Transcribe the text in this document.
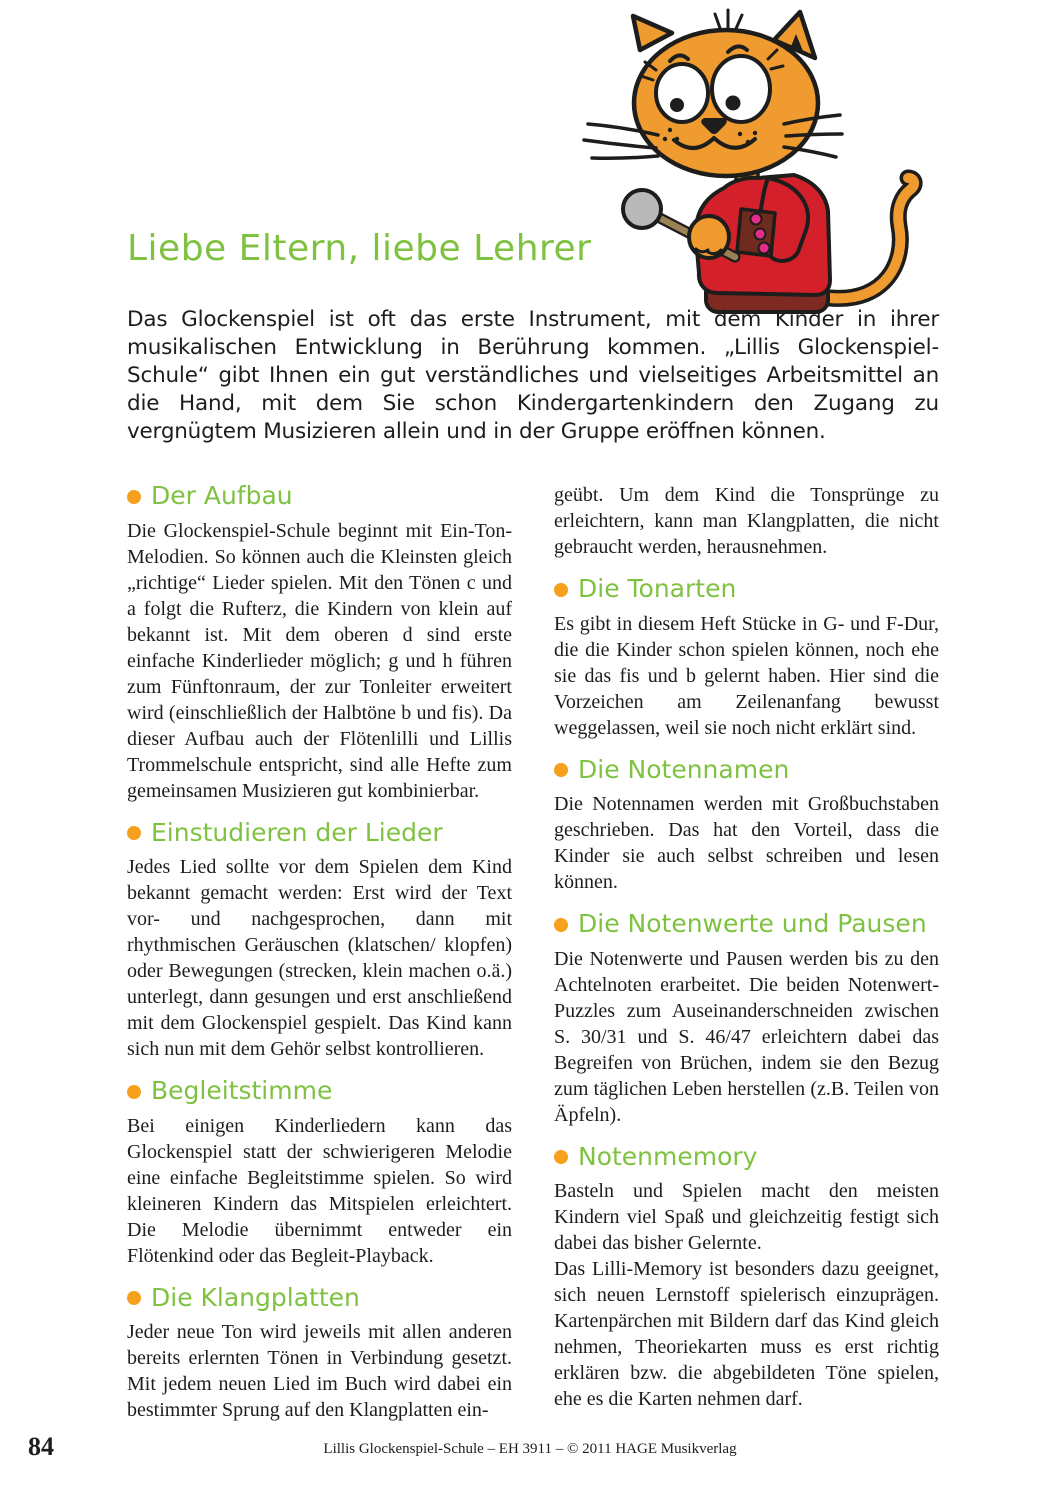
Liebe Eltern, liebe Lehrer
Das Glockenspiel ist oft das erste Instrument, mit dem Kinder in ihrer musikalischen Entwicklung in Berührung kommen. „Lillis Glockenspiel-Schule“ gibt Ihnen ein gut verständliches und vielseitiges Arbeitsmittel an die Hand, mit dem Sie schon Kindergartenkindern den Zugang zu vergnügtem Musizieren allein und in der Gruppe eröffnen können.
Der Aufbau

Die Glockenspiel-Schule beginnt mit Ein-Ton-Melodien. So können auch die Kleinsten gleich „richtige“ Lieder spielen. Mit den Tönen c und a folgt die Rufterz, die Kindern von klein auf bekannt ist. Mit dem oberen d sind erste einfache Kinderlieder möglich; g und h führen zum Fünftonraum, der zur Tonleiter erweitert wird (einschließlich der Halbtöne b und fis). Da dieser Aufbau auch der Flötenlilli und Lillis Trommelschule entspricht, sind alle Hefte zum gemeinsamen Musizieren gut kombinierbar.

Einstudieren der Lieder

Jedes Lied sollte vor dem Spielen dem Kind bekannt gemacht werden: Erst wird der Text vor- und nachgesprochen, dann mit rhythmischen Geräuschen (klatschen/ klopfen) oder Bewegungen (strecken, klein machen o.ä.) unterlegt, dann gesungen und erst anschließend mit dem Glockenspiel gespielt. Das Kind kann sich nun mit dem Gehör selbst kontrollieren.

Begleitstimme

Bei einigen Kinderliedern kann das Glockenspiel statt der schwierigeren Melodie eine einfache Begleitstimme spielen. So wird kleineren Kindern das Mitspielen erleichtert. Die Melodie übernimmt entweder ein Flötenkind oder das Begleit-Playback.

Die Klangplatten

Jeder neue Ton wird jeweils mit allen anderen bereits erlernten Tönen in Verbindung gesetzt. Mit jedem neuen Lied im Buch wird dabei ein bestimmter Sprung auf den Klangplatten ein-

geübt. Um dem Kind die Tonsprünge zu erleichtern, kann man Klangplatten, die nicht gebraucht werden, herausnehmen.

Die Tonarten

Es gibt in diesem Heft Stücke in G- und F-Dur, die die Kinder schon spielen können, noch ehe sie das fis und b gelernt haben. Hier sind die Vorzeichen am Zeilenanfang bewusst weggelassen, weil sie noch nicht erklärt sind.

Die Notennamen

Die Notennamen werden mit Großbuchstaben geschrieben. Das hat den Vorteil, dass die Kinder sie auch selbst schreiben und lesen können.

Die Notenwerte und Pausen

Die Notenwerte und Pausen werden bis zu den Achtelnoten erarbeitet. Die beiden Notenwert-Puzzles zum Auseinanderschneiden zwischen S. 30/31 und S. 46/47 erleichtern dabei das Begreifen von Brüchen, indem sie den Bezug zum täglichen Leben herstellen (z.B. Teilen von Äpfeln).

Notenmemory

Basteln und Spielen macht den meisten Kindern viel Spaß und gleichzeitig festigt sich dabei das bisher Gelernte.

Das Lilli-Memory ist besonders dazu geeignet, sich neuen Lernstoff spielerisch einzuprägen. Kartenpärchen mit Bildern darf das Kind gleich nehmen, Theoriekarten muss es erst richtig erklären bzw. die abgebildeten Töne spielen, ehe es die Karten nehmen darf.

84	Lillis Glockenspiel-Schule – EH 3911 – © 2011 HAGE Musikverlag
